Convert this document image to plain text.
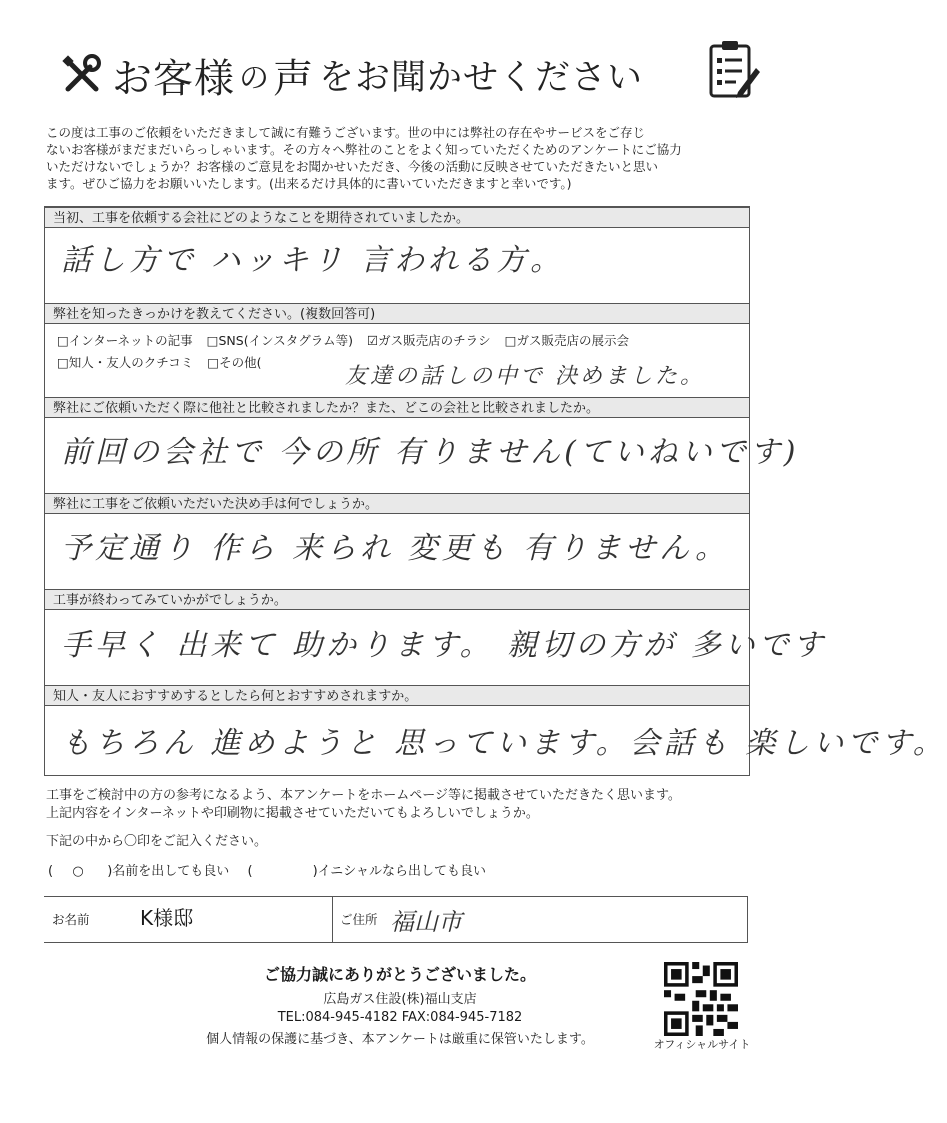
お客様 の 声 をお聞かせください
この度は工事のご依頼をいただきまして誠に有難うございます。世の中には弊社の存在やサービスをご存じ
ないお客様がまだまだいらっしゃいます。その方々へ弊社のことをよく知っていただくためのアンケートにご協力
いただけないでしょうか？お客様のご意見をお聞かせいただき、今後の活動に反映させていただきたいと思い
ます。ぜひご協力をお願いいたします。(出来るだけ具体的に書いていただきますと幸いです。)
当初、工事を依頼する会社にどのようなことを期待されていましたか。
話し方で ハッキリ 言われる方。
弊社を知ったきっかけを教えてください。(複数回答可)
□インターネットの記事 □SNS(インスタグラム等) ☑ガス販売店のチラシ □ガス販売店の展示会
□知人・友人のクチコミ □その他(
友達の話しの中で 決めました。
弊社にご依頼いただく際に他社と比較されましたか？また、どこの会社と比較されましたか。
前回の会社で 今の所 有りません(ていねいです)
弊社に工事をご依頼いただいた決め手は何でしょうか。
予定通り 作ら 来られ 変更も 有りません。
工事が終わってみていかがでしょうか。
手早く 出来て 助かります。 親切の方が 多いです
知人・友人におすすめするとしたら何とおすすめされますか。
もちろん 進めようと 思っています。会話も 楽しいです。
工事をご検討中の方の参考になるよう、本アンケートをホームページ等に掲載させていただきたく思います。
上記内容をインターネットや印刷物に掲載させていただいてもよろしいでしょうか。
下記の中から〇印をご記入ください。
( ○ )名前を出しても良い (	)イニシャルなら出しても良い
お名前	K様邸	ご住所 福山市
ご協力誠にありがとうございました。
広島ガス住設(株)福山支店
TEL:084-945-4182 FAX:084-945-7182
個人情報の保護に基づき、本アンケートは厳重に保管いたします。	オフィシャルサイト
